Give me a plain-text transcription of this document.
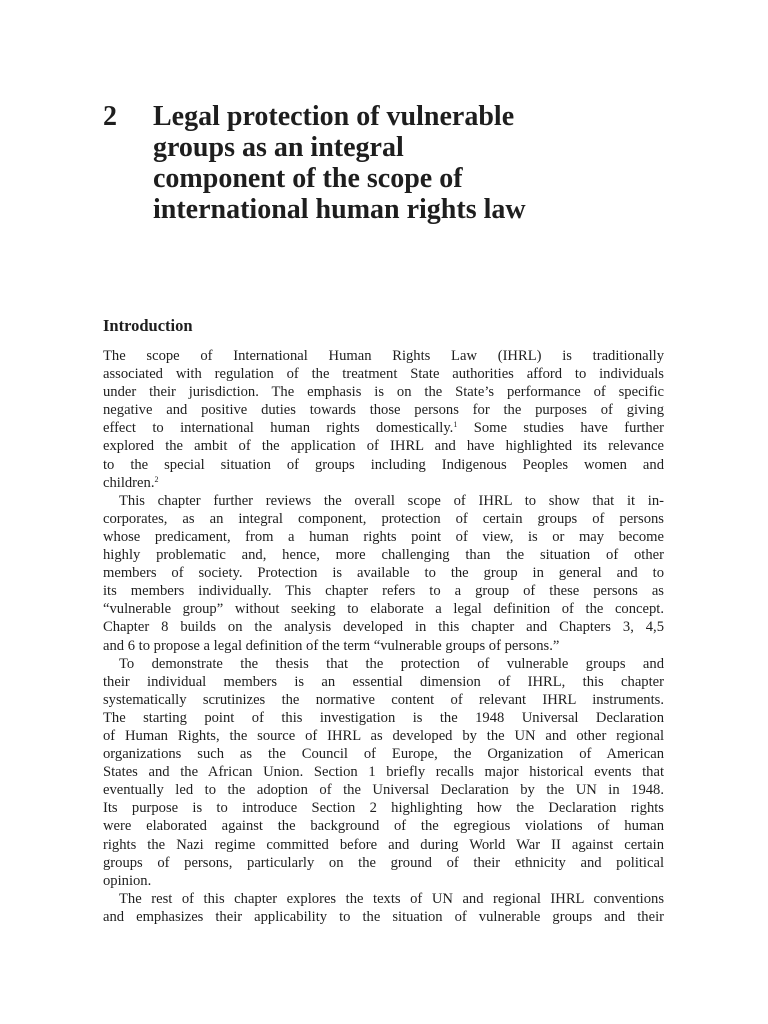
2	Legal protection of vulnerable
groups as an integral
component of the scope of
international human rights law
Introduction
The scope of International Human Rights Law (IHRL) is traditionally
associated with regulation of the treatment State authorities afford to individuals
under their jurisdiction. The emphasis is on the State’s performance of specific
negative and positive duties towards those persons for the purposes of giving
effect to international human rights domestically.$^1$ Some studies have further
explored the ambit of the application of IHRL and have highlighted its relevance
to the special situation of groups including Indigenous Peoples women and
children.$^2$
This chapter further reviews the overall scope of IHRL to show that it in-
corporates, as an integral component, protection of certain groups of persons
whose predicament, from a human rights point of view, is or may become
highly problematic and, hence, more challenging than the situation of other
members of society. Protection is available to the group in general and to
its members individually. This chapter refers to a group of these persons as
“vulnerable group” without seeking to elaborate a legal definition of the concept.
Chapter 8 builds on the analysis developed in this chapter and Chapters 3, 4,5
and 6 to propose a legal definition of the term “vulnerable groups of persons.”
To demonstrate the thesis that the protection of vulnerable groups and
their individual members is an essential dimension of IHRL, this chapter
systematically scrutinizes the normative content of relevant IHRL instruments.
The starting point of this investigation is the 1948 Universal Declaration
of Human Rights, the source of IHRL as developed by the UN and other regional
organizations such as the Council of Europe, the Organization of American
States and the African Union. Section 1 briefly recalls major historical events that
eventually led to the adoption of the Universal Declaration by the UN in 1948.
Its purpose is to introduce Section 2 highlighting how the Declaration rights
were elaborated against the background of the egregious violations of human
rights the Nazi regime committed before and during World War II against certain
groups of persons, particularly on the ground of their ethnicity and political
opinion.
The rest of this chapter explores the texts of UN and regional IHRL conventions
and emphasizes their applicability to the situation of vulnerable groups and their
